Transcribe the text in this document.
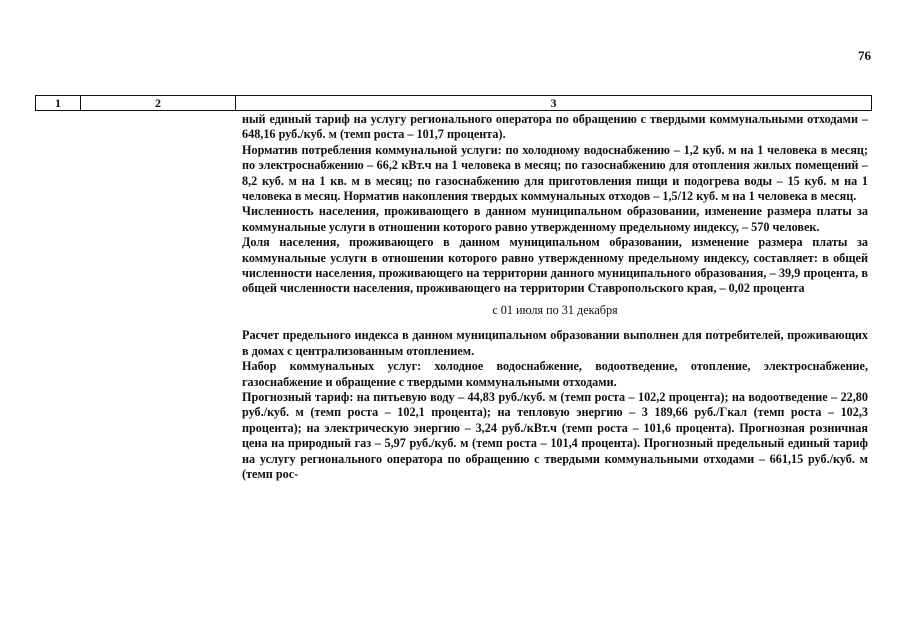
76
1	2	3

ный единый тариф на услугу регионального оператора по обращению с твердыми коммунальными отходами – 648,16 руб./куб. м (темп роста – 101,7 процента).

Норматив потребления коммунальной услуги: по холодному водоснабжению – 1,2 куб. м на 1 человека в месяц; по электроснабжению – 66,2 кВт.ч на 1 человека в месяц; по газоснабжению для отопления жилых помещений – 8,2 куб. м на 1 кв. м в месяц; по газоснабжению для приготовления пищи и подогрева воды – 15 куб. м на 1 человека в месяц. Норматив накопления твердых коммунальных отходов – 1,5/12 куб. м на 1 человека в месяц.

Численность населения, проживающего в данном муниципальном образовании, изменение размера платы за коммунальные услуги в отношении которого равно утвержденному предельному индексу, – 570 человек.

Доля населения, проживающего в данном муниципальном образовании, изменение размера платы за коммунальные услуги в отношении которого равно утвержденному предельному индексу, составляет: в общей численности населения, проживающего на территории данного муниципального образования, – 39,9 процента, в общей численности населения, проживающего на территории Ставропольского края, – 0,02 процента

с 01 июля по 31 декабря

Расчет предельного индекса в данном муниципальном образовании выполнен для потребителей, проживающих в домах с централизованным отоплением.

Набор коммунальных услуг: холодное водоснабжение, водоотведение, отопление, электроснабжение, газоснабжение и обращение с твердыми коммунальными отходами.

Прогнозный тариф: на питьевую воду – 44,83 руб./куб. м (темп роста – 102,2 процента); на водоотведение – 22,80 руб./куб. м (темп роста – 102,1 процента); на тепловую энергию – 3 189,66 руб./Гкал (темп роста – 102,3 процента); на электрическую энергию – 3,24 руб./кВт.ч (темп роста – 101,6 процента). Прогнозная розничная цена на природный газ – 5,97 руб./куб. м (темп роста – 101,4 процента). Прогнозный предельный единый тариф на услугу регионального оператора по обращению с твердыми коммунальными отходами – 661,15 руб./куб. м (темп рос-
